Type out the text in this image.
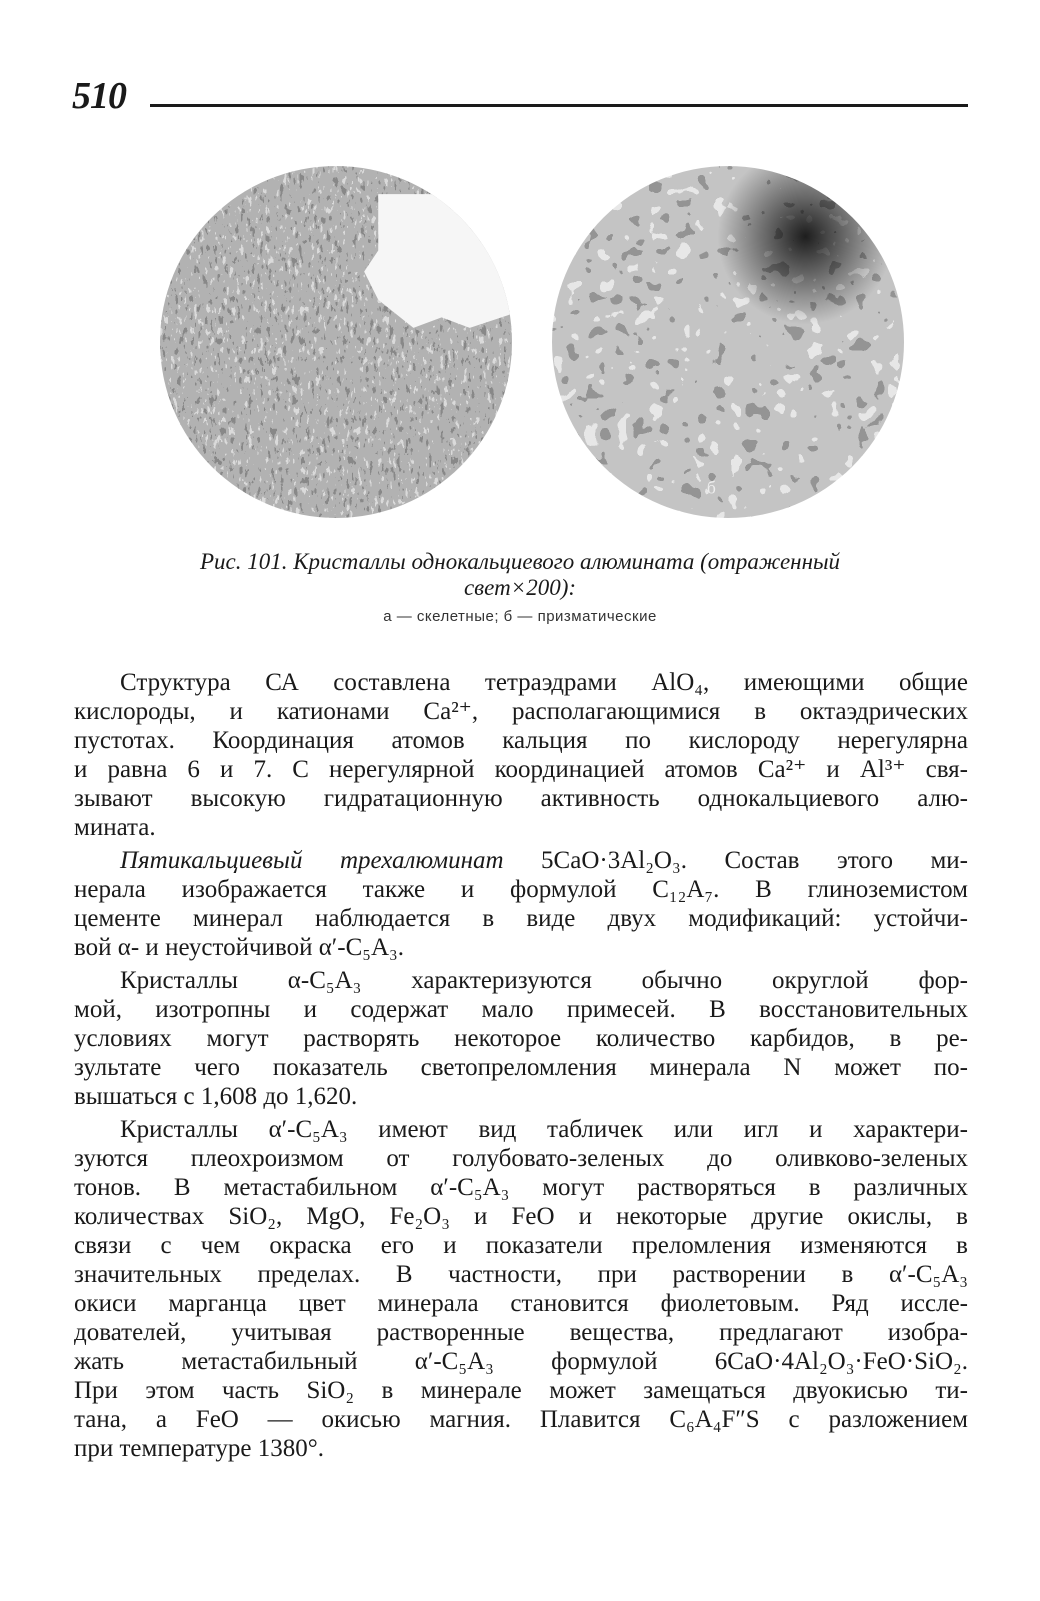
510
a
б
Рис. 101. Кристаллы однокальциевого алюмината (отраженный
свет×200):
а — скелетные; б — призматические
Структура СА составлена тетраэдрами AlO₄, имеющими общие
кислороды, и катионами Ca²⁺, располагающимися в октаэдрических
пустотах. Координация атомов кальция по кислороду нерегулярна
и равна 6 и 7. С нерегулярной координацией атомов Ca²⁺ и Al³⁺ свя-
зывают высокую гидратационную активность однокальциевого алю-
мината.
Пятикальциевый трехалюминат 5CaO·3Al₂O₃. Состав этого ми-
нерала изображается также и формулой C₁₂A₇. В глиноземистом
цементе минерал наблюдается в виде двух модификаций: устойчи-
вой α- и неустойчивой α′-C₅A₃.
Кристаллы α-C₅A₃ характеризуются обычно округлой фор-
мой, изотропны и содержат мало примесей. В восстановительных
условиях могут растворять некоторое количество карбидов, в ре-
зультате чего показатель светопреломления минерала N может по-
вышаться с 1,608 до 1,620.
Кристаллы α′-C₅A₃ имеют вид табличек или игл и характери-
зуются плеохроизмом от голубовато-зеленых до оливково-зеленых
тонов. В метастабильном α′-C₅A₃ могут растворяться в различных
количествах SiO₂, MgO, Fe₂O₃ и FeO и некоторые другие окислы, в
связи с чем окраска его и показатели преломления изменяются в
значительных пределах. В частности, при растворении в α′-C₅A₃
окиси марганца цвет минерала становится фиолетовым. Ряд иссле-
дователей, учитывая растворенные вещества, предлагают изобра-
жать метастабильный α′-C₅A₃ формулой 6CaO·4Al₂O₃·FeO·SiO₂.
При этом часть SiO₂ в минерале может замещаться двуокисью ти-
тана, а FeO — окисью магния. Плавится C₆A₄F″S с разложением
при температуре 1380°.
